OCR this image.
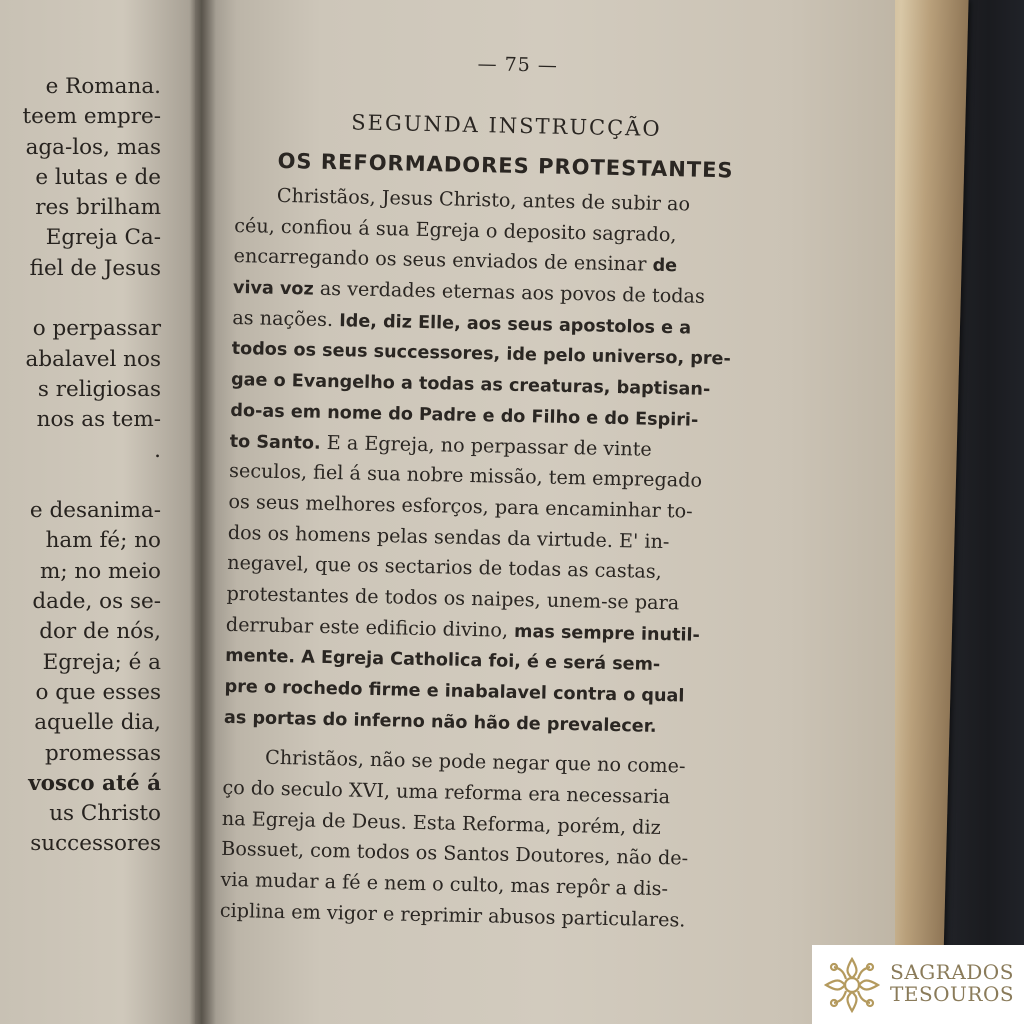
e Romana.
teem empre-
aga-los, mas
e lutas e de
res brilham
Egreja Ca-
fiel de Jesus
o perpassar
abalavel nos
s religiosas
nos as tem-
.
e desanima-
ham fé; no
m; no meio
dade, os se-
dor de nós,
Egreja; é a
o que esses
aquelle dia,
promessas
vosco até á
us Christo
successores
— 75 —
SEGUNDA INSTRUCÇÃO
OS REFORMADORES PROTESTANTES
Christãos, Jesus Christo, antes de subir ao
céu, confiou á sua Egreja o deposito sagrado,
encarregando os seus enviados de ensinar de
viva voz as verdades eternas aos povos de todas
as nações. Ide, diz Elle, aos seus apostolos e a
todos os seus successores, ide pelo universo, pre-
gae o Evangelho a todas as creaturas, baptisan-
do-as em nome do Padre e do Filho e do Espiri-
to Santo. E a Egreja, no perpassar de vinte
seculos, fiel á sua nobre missão, tem empregado
os seus melhores esforços, para encaminhar to-
dos os homens pelas sendas da virtude. E' in-
negavel, que os sectarios de todas as castas,
protestantes de todos os naipes, unem-se para
derrubar este edificio divino, mas sempre inutil-
mente. A Egreja Catholica foi, é e será sem-
pre o rochedo firme e inabalavel contra o qual
as portas do inferno não hão de prevalecer.
Christãos, não se pode negar que no come-
ço do seculo XVI, uma reforma era necessaria
na Egreja de Deus. Esta Reforma, porém, diz
Bossuet, com todos os Santos Doutores, não de-
via mudar a fé e nem o culto, mas repôr a dis-
ciplina em vigor e reprimir abusos particulares.
SAGRADOS
TESOUROS
